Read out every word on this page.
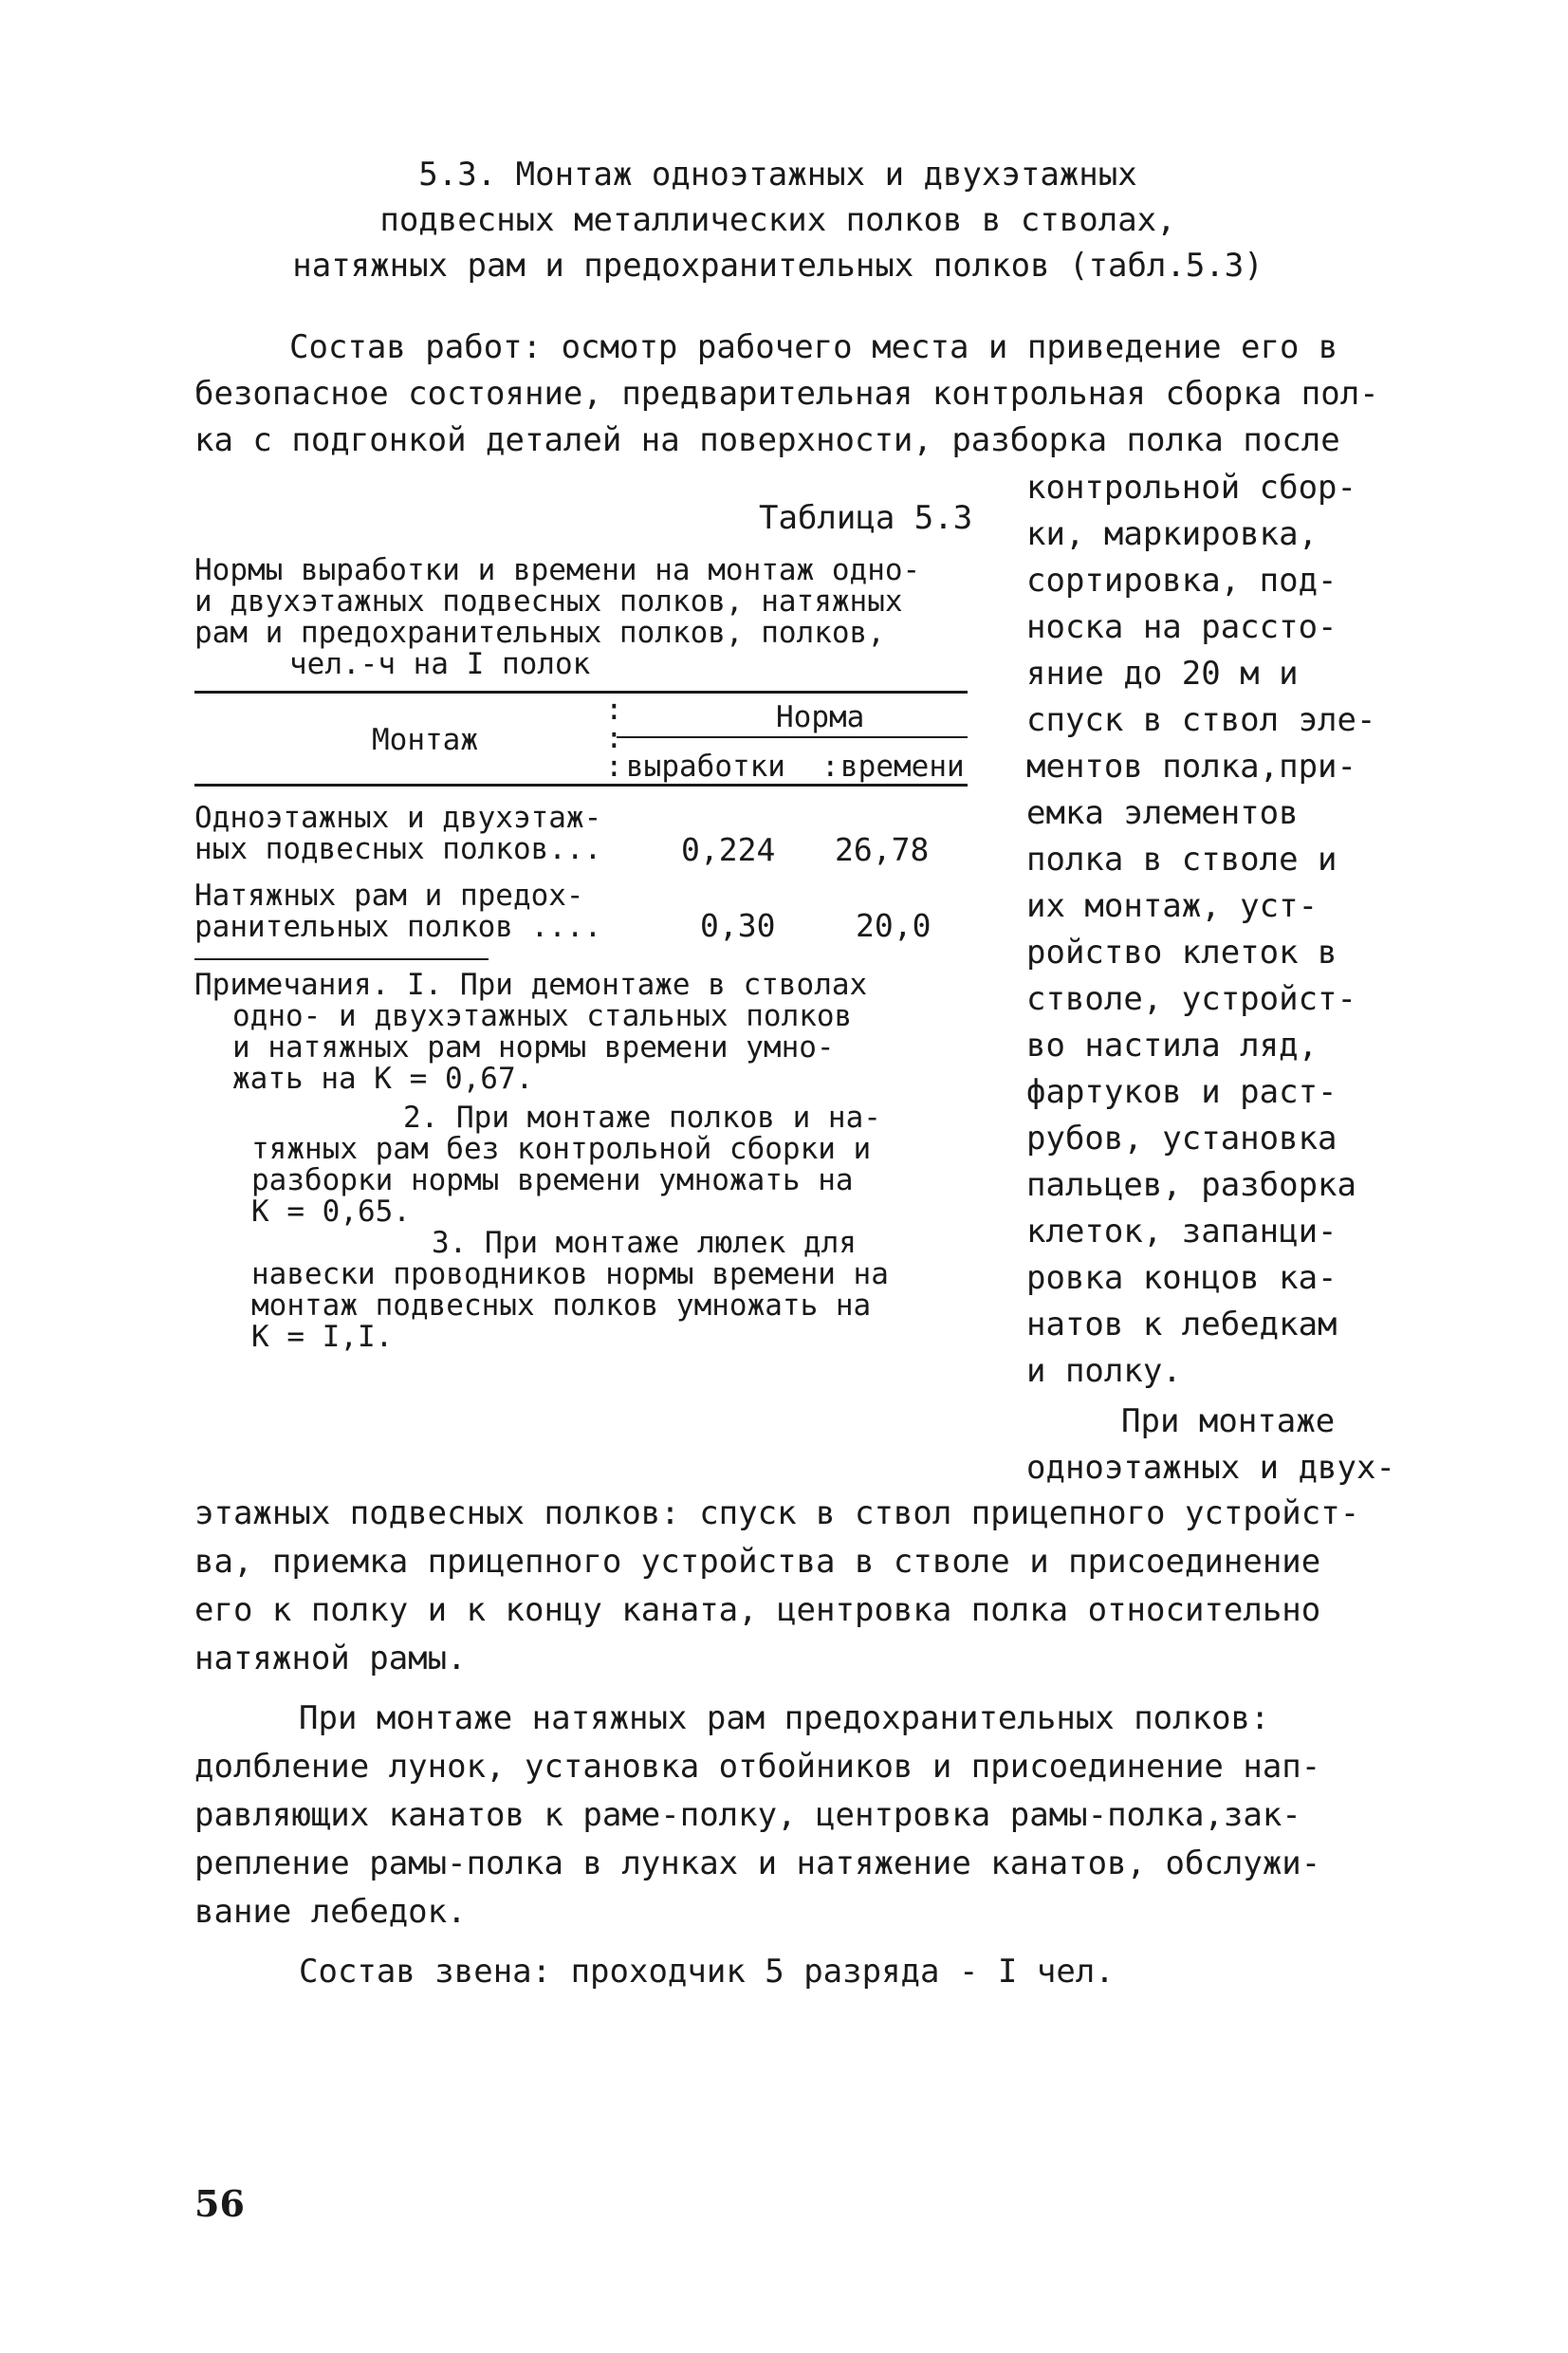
5.3. Монтаж одноэтажных и двухэтажных
подвесных металлических полков в стволах,
натяжных рам и предохранительных полков (табл.5.3)
Состав работ: осмотр рабочего места и приведение его в
безопасное состояние, предварительная контрольная сборка пол-
ка с подгонкой деталей на поверхности, разборка полка после
контрольной сбор-
ки, маркировка,
сортировка, под-
носка на расcто-
яние до 20 м и
спуск в ствол эле-
ментов полка,при-
емка элементов
полка в стволе и
их монтаж, уст-
ройство клеток в
стволе, устройст-
во настила ляд,
фартуков и раст-
рубов, установка
пальцев, разборка
клеток, запанци-
ровка концов ка-
натов к лебедкам
и полку.
При монтаже
одноэтажных и двух-
Таблица 5.3
Нормы выработки и времени на монтаж одно-
и двухэтажных подвесных полков, натяжных
рам и предохранительных полков, полков,
чел.-ч на I полок
Монтаж
:
:
Норма
: выработки : времени
Одноэтажных и двухэтаж-
ных подвесных полков...	0,224 26,78
Натяжных рам и предох-
ранительных полков ....	0,30	20,0
Примечания. I. При демонтаже в стволах
одно- и двухэтажных стальных полков
и натяжных рам нормы времени умно-
жать на К = 0,67.
2. При монтаже полков и на-
тяжных рам без контрольной сборки и
разборки нормы времени умножать на
К = 0,65.
3. При монтаже люлек для
навески проводников нормы времени на
монтаж подвесных полков умножать на
К = I,I.
этажных подвесных полков: спуск в ствол прицепного устройст-
ва, приемка прицепного устройства в стволе и присоединение
его к полку и к концу каната, центровка полка относительно
натяжной рамы.
При монтаже натяжных рам предохранительных полков:
долбление лунок, установка отбойников и присоединение нап-
равляющих канатов к раме-полку, центровка рамы-полка,зак-
репление рамы-полка в лунках и натяжение канатов, обслужи-
вание лебедок.
Состав звена: проходчик 5 разряда - I чел.
56
